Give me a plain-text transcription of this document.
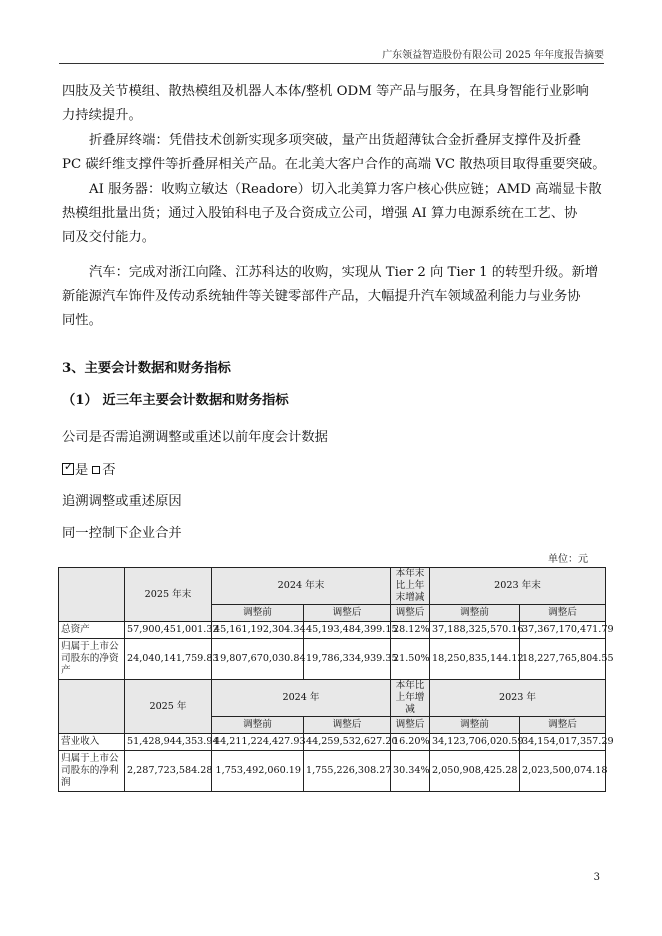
广东领益智造股份有限公司 2025 年年度报告摘要
四肢及关节模组、散热模组及机器人本体/整机 ODM 等产品与服务，在具身智能行业影响
力持续提升。
折叠屏终端：凭借技术创新实现多项突破，量产出货超薄钛合金折叠屏支撑件及折叠
PC 碳纤维支撑件等折叠屏相关产品。在北美大客户合作的高端 VC 散热项目取得重要突破。
AI 服务器：收购立敏达（Readore）切入北美算力客户核心供应链；AMD 高端显卡散
热模组批量出货；通过入股铂科电子及合资成立公司，增强 AI 算力电源系统在工艺、协
同及交付能力。
汽车：完成对浙江向隆、江苏科达的收购，实现从 Tier 2 向 Tier 1 的转型升级。新增
新能源汽车饰件及传动系统轴件等关键零部件产品，大幅提升汽车领域盈利能力与业务协
同性。
3、主要会计数据和财务指标
（1） 近三年主要会计数据和财务指标
公司是否需追溯调整或重述以前年度会计数据
✓ 是 否
追溯调整或重述原因
同一控制下企业合并
单位：元
	2025 年末	2024 年末		本年末比上年末增减	2023 年末	
		调整前	调整后	调整后	调整前	调整后
总资产	57,900,451,001.32	45,161,192,304.34	45,193,484,399.15	28.12%	37,188,325,570.16	37,367,170,471.79
归属于上市公司股东的净资产	24,040,141,759.83	19,807,670,030.84	19,786,334,939.35	21.50%	18,250,835,144.12	18,227,765,804.55
	2025 年	2024 年		本年比上年增减	2023 年	
		调整前	调整后	调整后	调整前	调整后
营业收入	51,428,944,353.94	44,211,224,427.93	44,259,532,627.20	16.20%	34,123,706,020.59	34,154,017,357.29
归属于上市公司股东的净利润	2,287,723,584.28	1,753,492,060.19	1,755,226,308.27	30.34%	2,050,908,425.28	2,023,500,074.18
3
